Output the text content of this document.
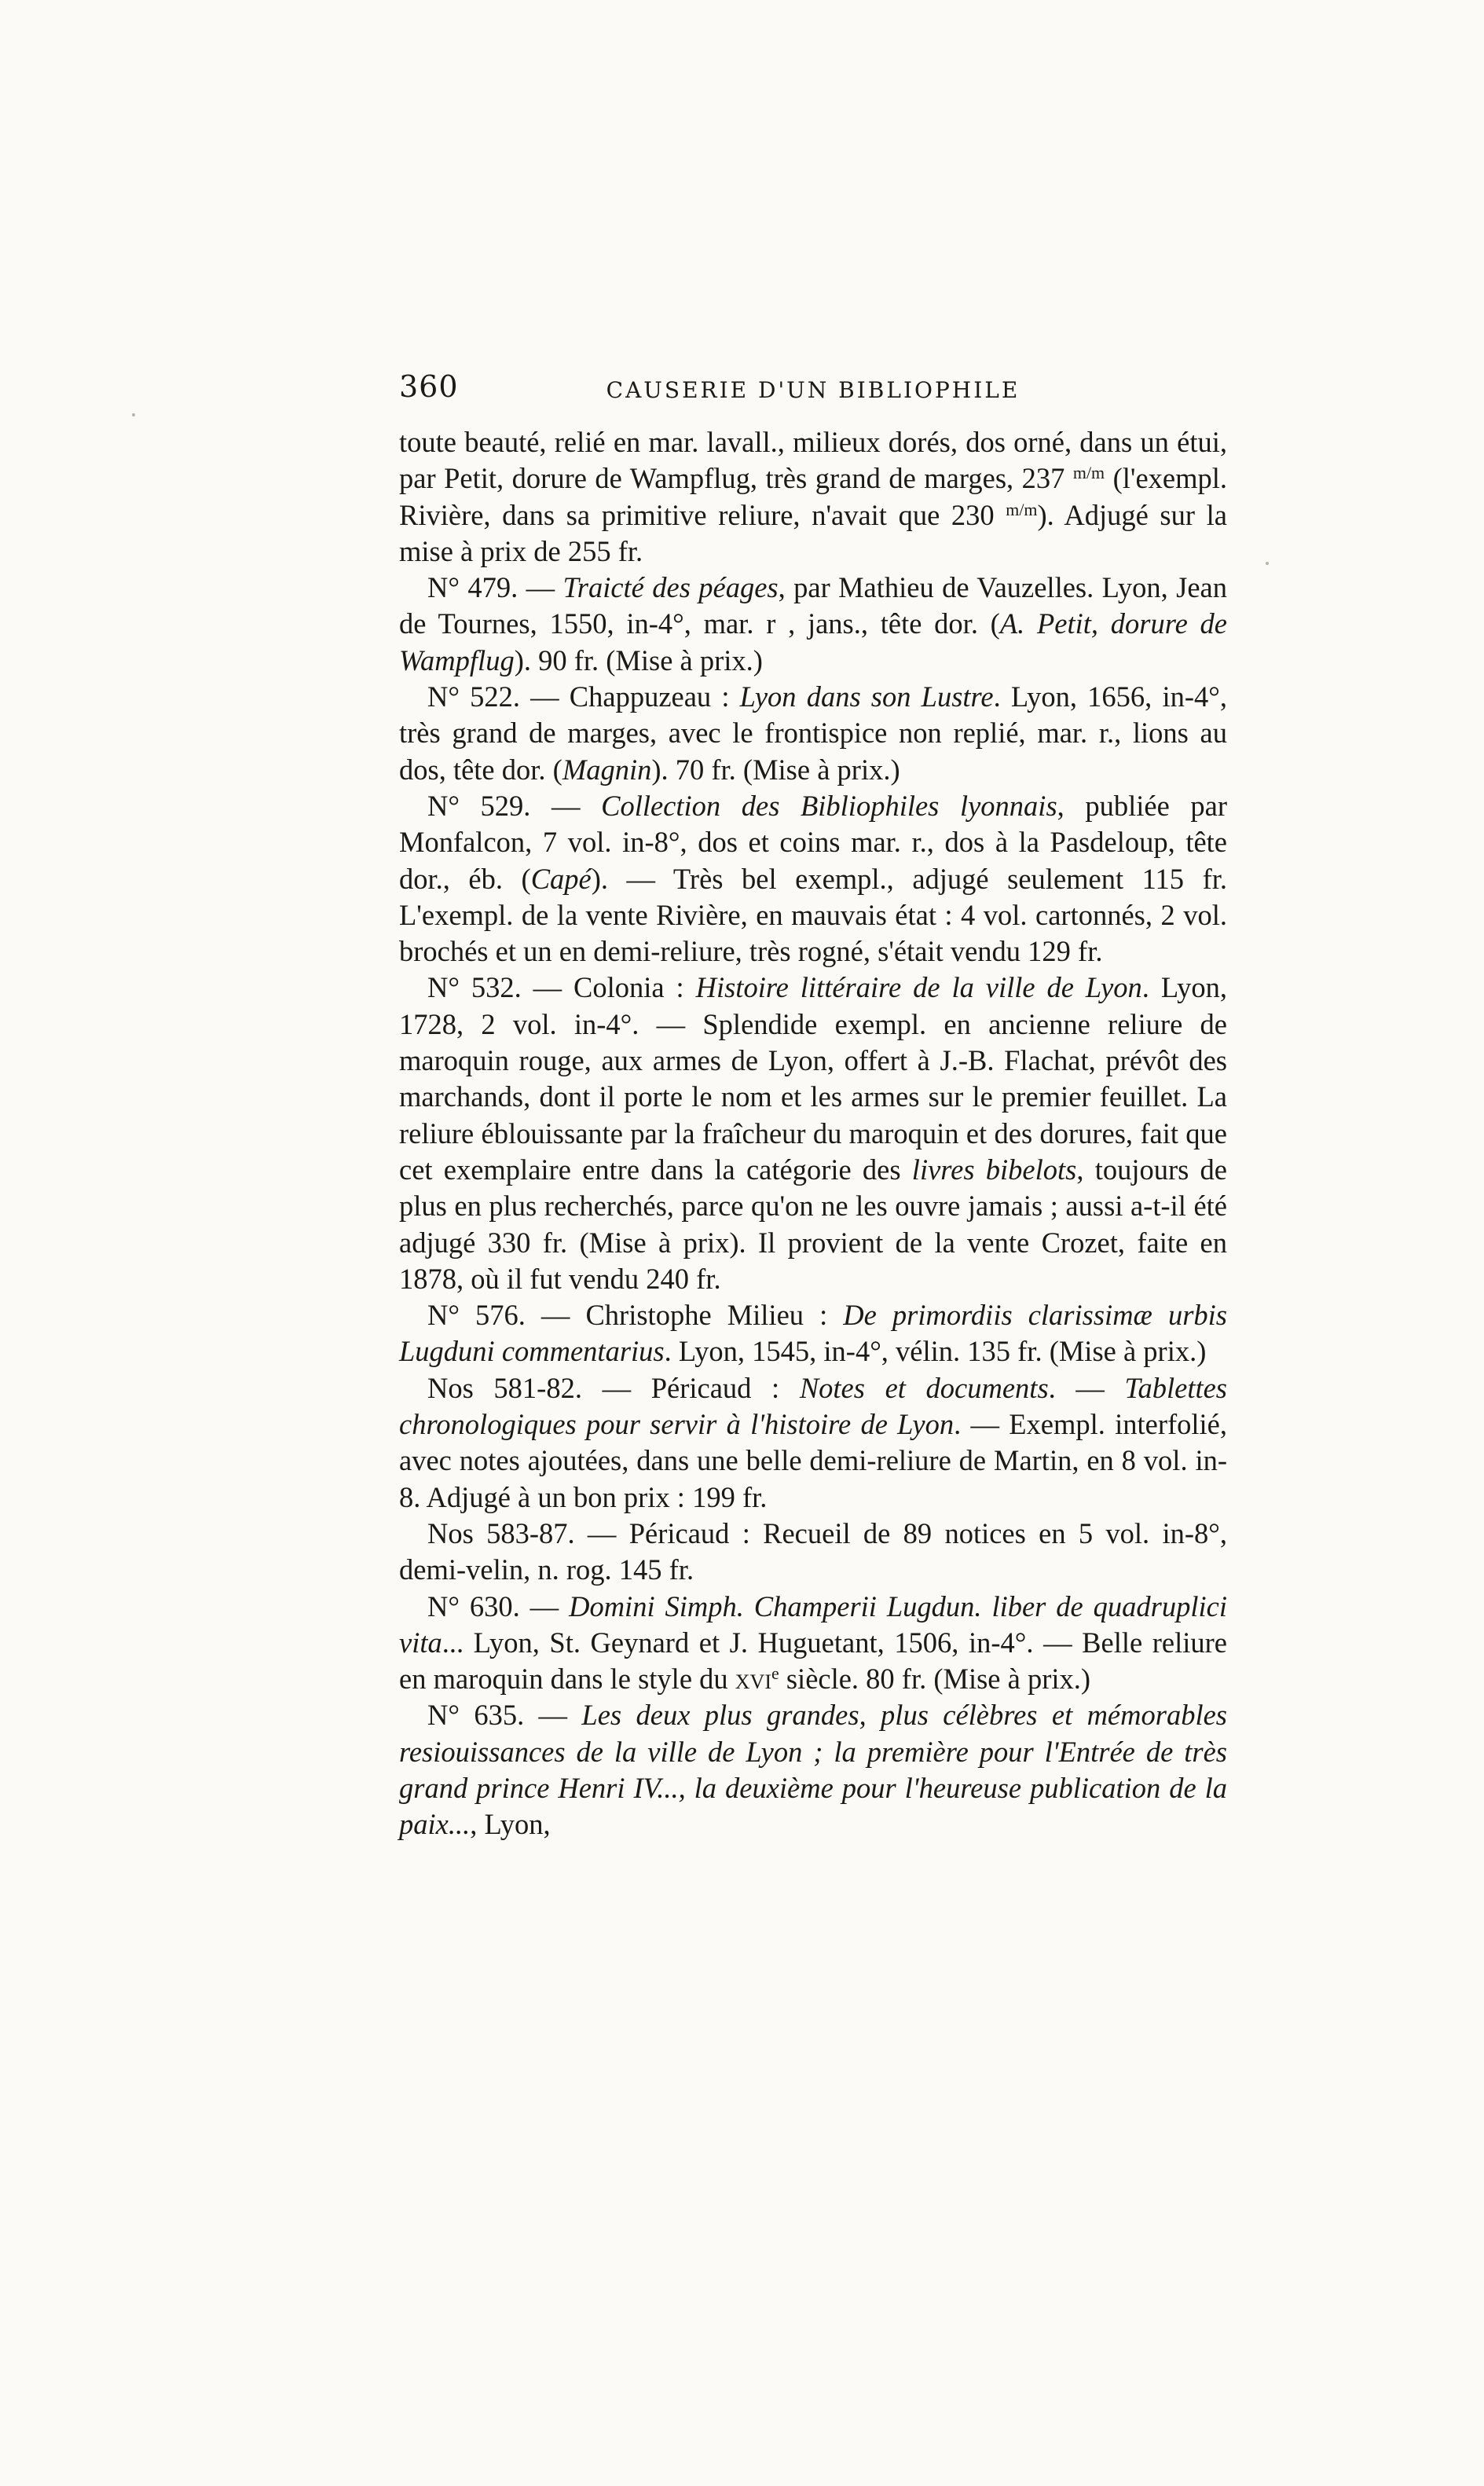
360	CAUSERIE D'UN BIBLIOPHILE

toute beauté, relié en mar. lavall., milieux dorés, dos orné, dans un étui, par Petit, dorure de Wampflug, très grand de marges, 237 $^{m/m}$ (l'exempl. Rivière, dans sa primitive reliure, n'avait que 230 $^{m/m}$). Adjugé sur la mise à prix de 255 fr.

N° 479. — Traicté des péages, par Mathieu de Vauzelles. Lyon, Jean de Tournes, 1550, in-4°, mar. r , jans., tête dor. (A. Petit, dorure de Wampflug). 90 fr. (Mise à prix.)

N° 522. — Chappuzeau : Lyon dans son Lustre. Lyon, 1656, in-4°, très grand de marges, avec le frontispice non replié, mar. r., lions au dos, tête dor. (Magnin). 70 fr. (Mise à prix.)

N° 529. — Collection des Bibliophiles lyonnais, publiée par Monfalcon, 7 vol. in-8°, dos et coins mar. r., dos à la Pasdeloup, tête dor., éb. (Capé). — Très bel exempl., adjugé seulement 115 fr. L'exempl. de la vente Rivière, en mauvais état : 4 vol. cartonnés, 2 vol. brochés et un en demi-reliure, très rogné, s'était vendu 129 fr.

N° 532. — Colonia : Histoire littéraire de la ville de Lyon. Lyon, 1728, 2 vol. in-4°. — Splendide exempl. en ancienne reliure de maroquin rouge, aux armes de Lyon, offert à J.-B. Flachat, prévôt des marchands, dont il porte le nom et les armes sur le premier feuillet. La reliure éblouissante par la fraîcheur du maroquin et des dorures, fait que cet exemplaire entre dans la catégorie des livres bibelots, toujours de plus en plus recherchés, parce qu'on ne les ouvre jamais ; aussi a-t-il été adjugé 330 fr. (Mise à prix). Il provient de la vente Crozet, faite en 1878, où il fut vendu 240 fr.

N° 576. — Christophe Milieu : De primordiis clarissimæ urbis Lugduni commentarius. Lyon, 1545, in-4°, vélin. 135 fr. (Mise à prix.)

Nos 581-82. — Péricaud : Notes et documents. — Tablettes chronologiques pour servir à l'histoire de Lyon. — Exempl. interfolié, avec notes ajoutées, dans une belle demi-reliure de Martin, en 8 vol. in-8. Adjugé à un bon prix : 199 fr.

Nos 583-87. — Péricaud : Recueil de 89 notices en 5 vol. in-8°, demi-velin, n. rog. 145 fr.

N° 630. — Domini Simph. Champerii Lugdun. liber de quadruplici vita... Lyon, St. Geynard et J. Huguetant, 1506, in-4°. — Belle reliure en maroquin dans le style du xvi$^e$ siècle. 80 fr. (Mise à prix.)

N° 635. — Les deux plus grandes, plus célèbres et mémorables resiouissances de la ville de Lyon ; la première pour l'Entrée de très grand prince Henri IV..., la deuxième pour l'heureuse publication de la paix..., Lyon,
